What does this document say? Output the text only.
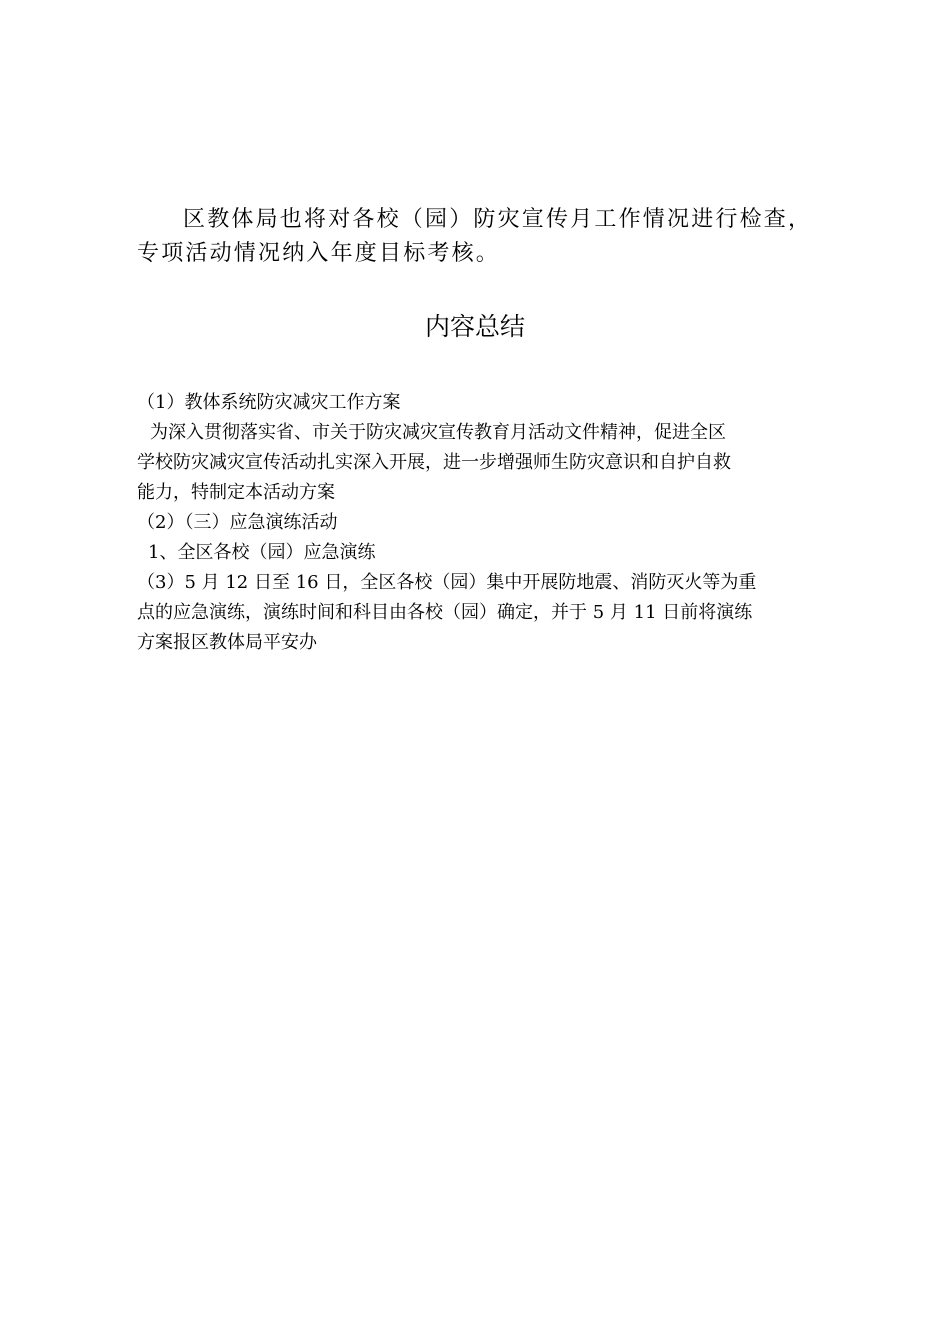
区教体局也将对各校（园）防灾宣传月工作情况进行检查，

专项活动情况纳入年度目标考核。

内容总结

（1）教体系统防灾减灾工作方案

为深入贯彻落实省、市关于防灾减灾宣传教育月活动文件精神，促进全区

学校防灾减灾宣传活动扎实深入开展，进一步增强师生防灾意识和自护自救

能力，特制定本活动方案

（2）（三）应急演练活动

1、全区各校（园）应急演练

（3）5 月 12 日至 16 日，全区各校（园）集中开展防地震、消防灭火等为重

点的应急演练，演练时间和科目由各校（园）确定，并于 5 月 11 日前将演练

方案报区教体局平安办
